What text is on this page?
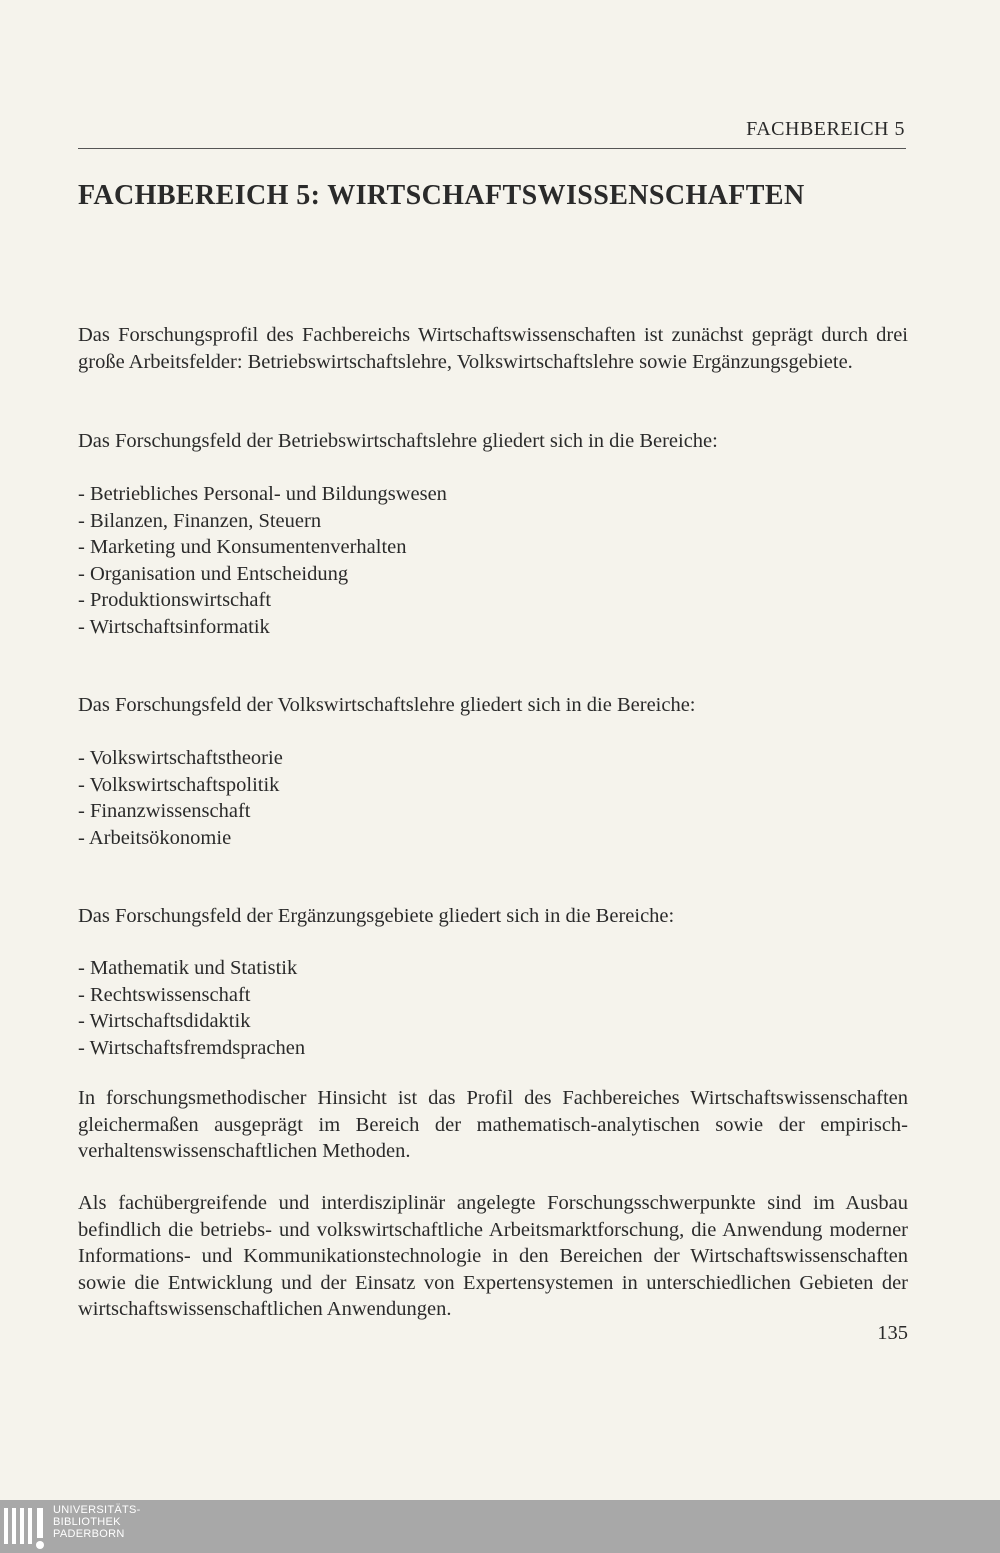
FACHBEREICH 5
FACHBEREICH 5: WIRTSCHAFTSWISSENSCHAFTEN

Das Forschungsprofil des Fachbereichs Wirtschaftswissenschaften ist zunächst geprägt durch drei große Arbeitsfelder: Betriebswirtschaftslehre, Volkswirtschaftslehre sowie Ergänzungsgebiete.

Das Forschungsfeld der Betriebswirtschaftslehre gliedert sich in die Bereiche:

- Betriebliches Personal- und Bildungswesen
- Bilanzen, Finanzen, Steuern
- Marketing und Konsumentenverhalten
- Organisation und Entscheidung
- Produktionswirtschaft
- Wirtschaftsinformatik

Das Forschungsfeld der Volkswirtschaftslehre gliedert sich in die Bereiche:

- Volkswirtschaftstheorie
- Volkswirtschaftspolitik
- Finanzwissenschaft
- Arbeitsökonomie

Das Forschungsfeld der Ergänzungsgebiete gliedert sich in die Bereiche:

- Mathematik und Statistik
- Rechtswissenschaft
- Wirtschaftsdidaktik
- Wirtschaftsfremdsprachen

In forschungsmethodischer Hinsicht ist das Profil des Fachbereiches Wirtschaftswissenschaften gleichermaßen ausgeprägt im Bereich der mathematisch-analytischen sowie der empirisch-verhaltenswissenschaftlichen Methoden.

Als fachübergreifende und interdisziplinär angelegte Forschungsschwerpunkte sind im Ausbau befindlich die betriebs- und volkswirtschaftliche Arbeitsmarktforschung, die Anwendung moderner Informations- und Kommunikationstechnologie in den Bereichen der Wirtschaftswissenschaften sowie die Entwicklung und der Einsatz von Expertensystemen in unterschiedlichen Gebieten der wirtschaftswissenschaftlichen Anwendungen.

135
UNIVERSITÄTS-
BIBLIOTHEK
PADERBORN
